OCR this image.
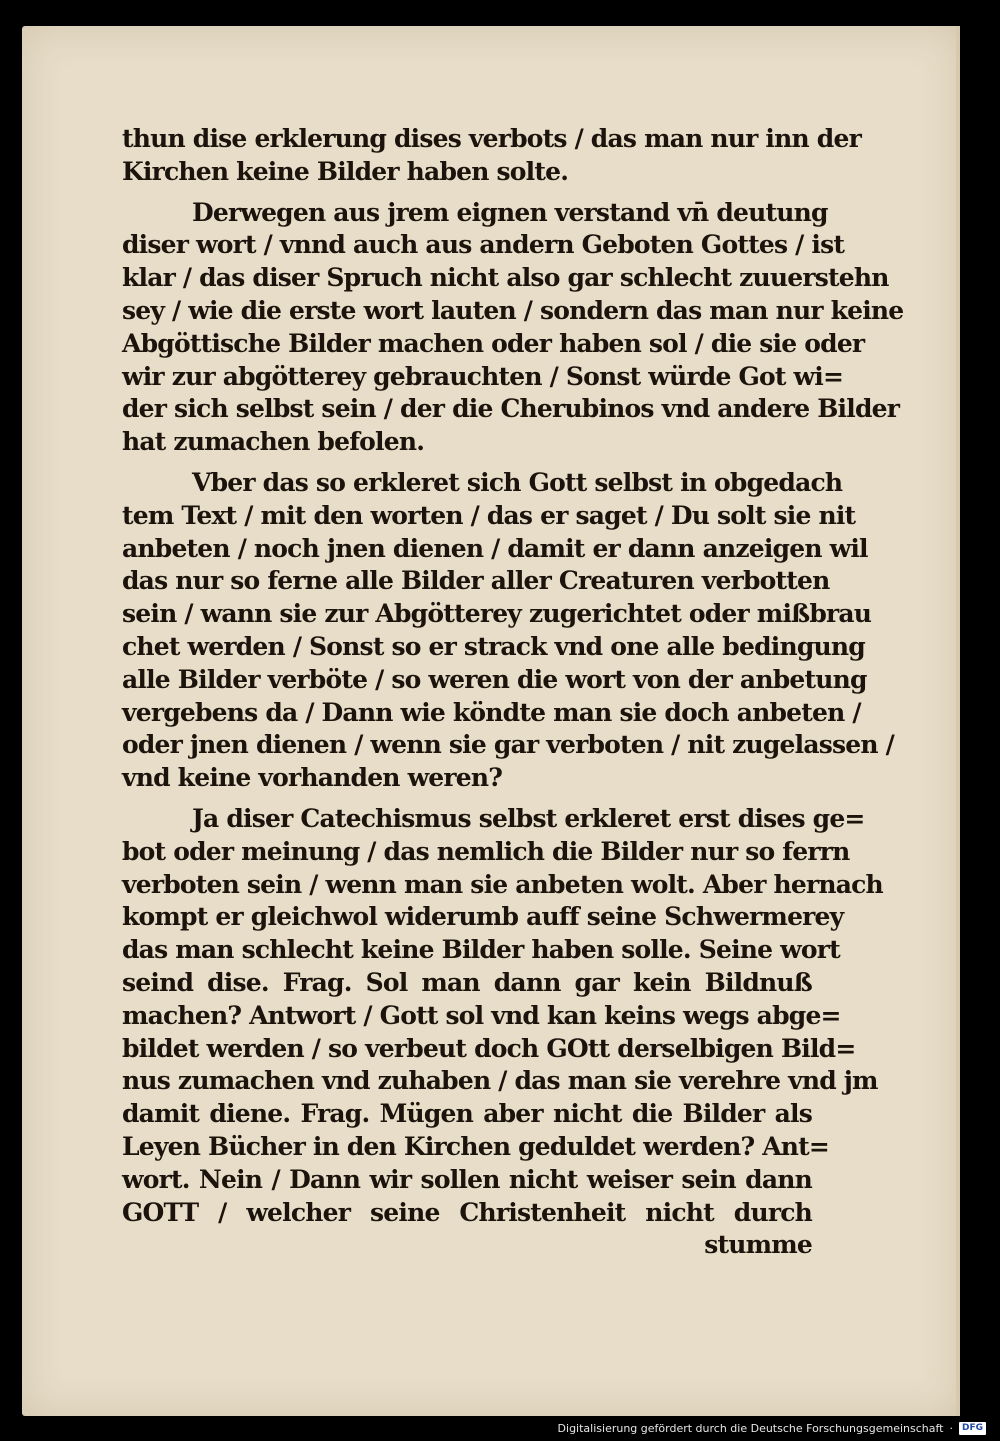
thun dise erklerung dises verbots / das man nur inn der
Kirchen keine Bilder haben solte.
Derwegen aus jrem eignen verstand vn̄ deutung
diser wort / vnnd auch aus andern Geboten Gottes / ist
klar / das diser Spruch nicht also gar schlecht zuuerstehn
sey / wie die erste wort lauten / sondern das man nur keine
Abgöttische Bilder machen oder haben sol / die sie oder
wir zur abgötterey gebrauchten / Sonst würde Got wi=
der sich selbst sein / der die Cherubinos vnd andere Bilder
hat zumachen befolen.
Vber das so erkleret sich Gott selbst in obgedach
tem Text / mit den worten / das er saget / Du solt sie nit
anbeten / noch jnen dienen / damit er dann anzeigen wil
das nur so ferne alle Bilder aller Creaturen verbotten
sein / wann sie zur Abgötterey zugerichtet oder mißbrau
chet werden / Sonst so er strack vnd one alle bedingung
alle Bilder verböte / so weren die wort von der anbetung
vergebens da / Dann wie köndte man sie doch anbeten /
oder jnen dienen / wenn sie gar verboten / nit zugelassen /
vnd keine vorhanden weren?
Ja diser Catechismus selbst erkleret erst dises ge=
bot oder meinung / das nemlich die Bilder nur so ferrn
verboten sein / wenn man sie anbeten wolt. Aber hernach
kompt er gleichwol widerumb auff seine Schwermerey
das man schlecht keine Bilder haben solle. Seine wort
seind dise. Frag. Sol man dann gar kein Bildnuß
machen? Antwort / Gott sol vnd kan keins wegs abge=
bildet werden / so verbeut doch GOtt derselbigen Bild=
nus zumachen vnd zuhaben / das man sie verehre vnd jm
damit diene. Frag. Mügen aber nicht die Bilder als
Leyen Bücher in den Kirchen geduldet werden? Ant=
wort. Nein / Dann wir sollen nicht weiser sein dann
GOTT / welcher seine Christenheit nicht durch
stumme
Digitalisierung gefördert durch die Deutsche Forschungsgemeinschaft ·	DFG
